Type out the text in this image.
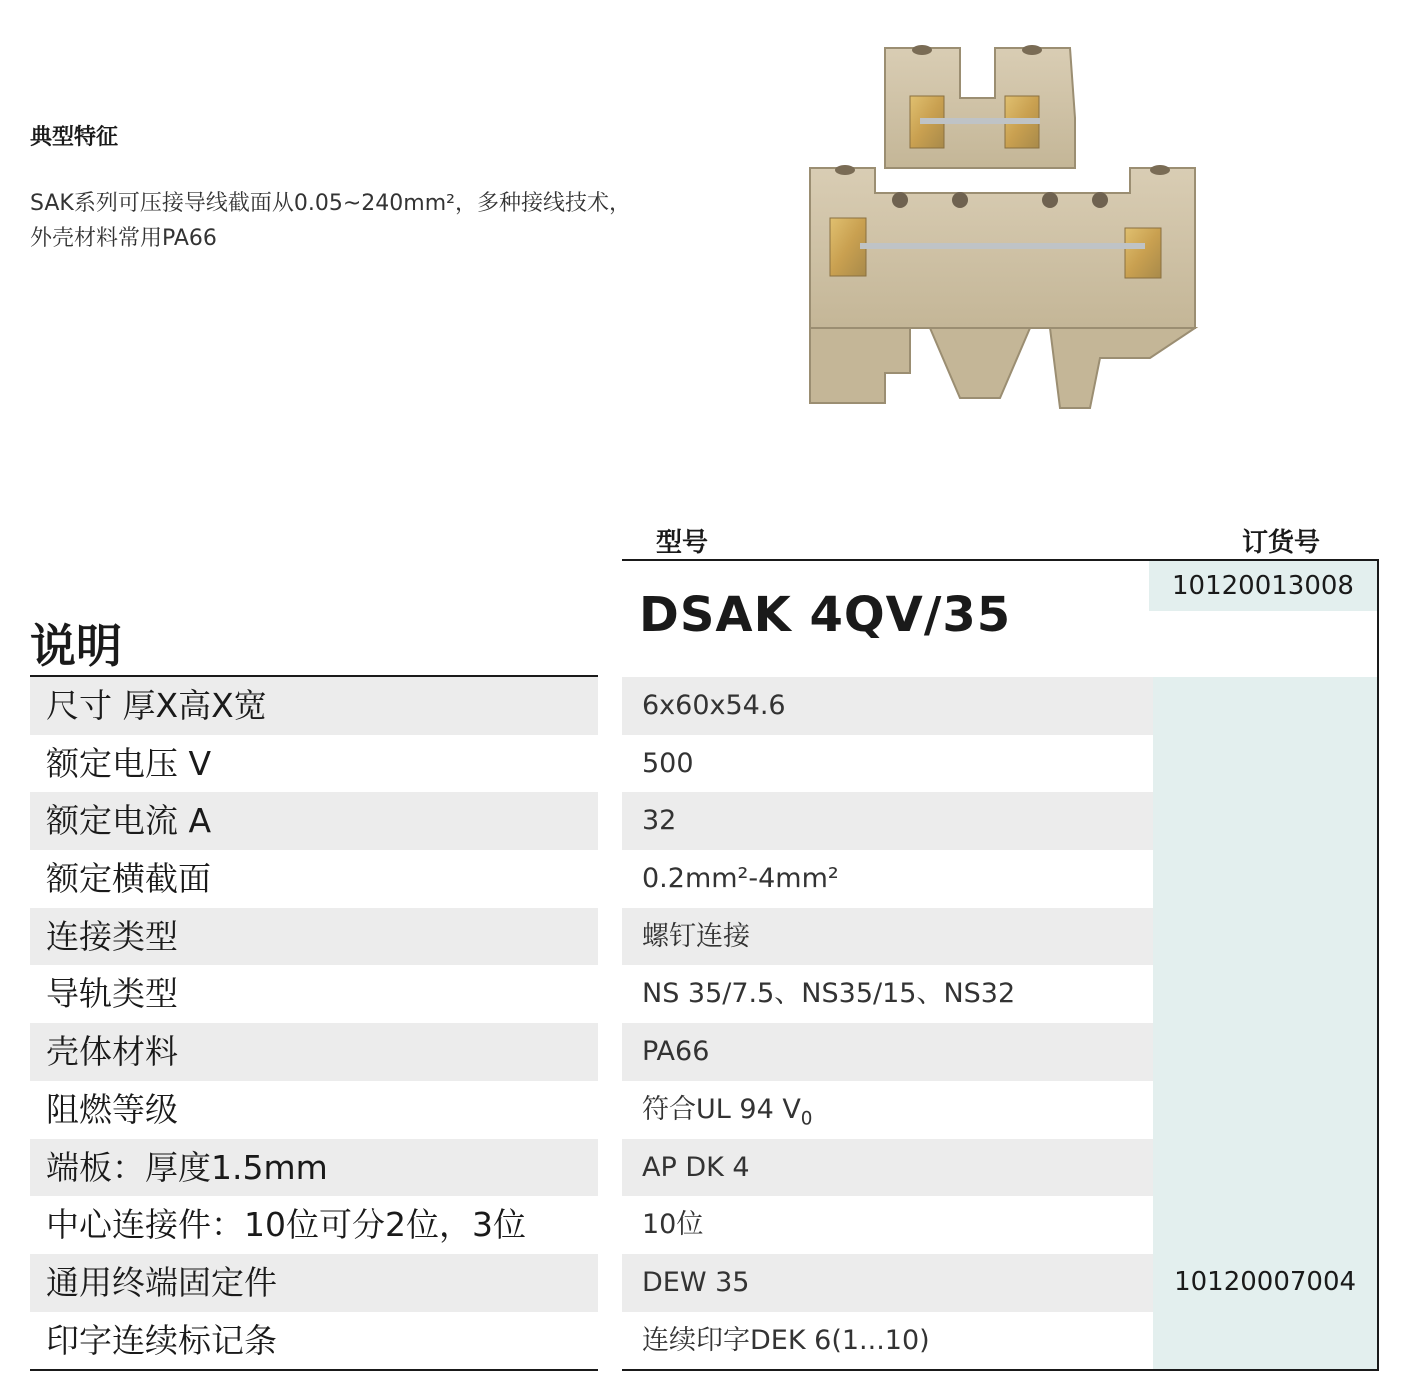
典型特征
SAK系列可压接导线截面从0.05~240mm²，多种接线技术，
外壳材料常用PA66
型号	订货号
说明
尺寸 厚X高X宽
额定电压 V
额定电流 A
额定横截面
连接类型
导轨类型
壳体材料
阻燃等级
端板：厚度1.5mm
中心连接件：10位可分2位，3位
通用终端固定件
印字连续标记条
DSAK 4QV/35
10120013008
6x60x54.6
500
32
0.2mm²-4mm²
螺钉连接
NS 35/7.5、NS35/15、NS32
PA66
符合UL 94 $V_0$
AP DK 4
10位
DEW 35	10120007004
连续印字DEK 6(1...10)
